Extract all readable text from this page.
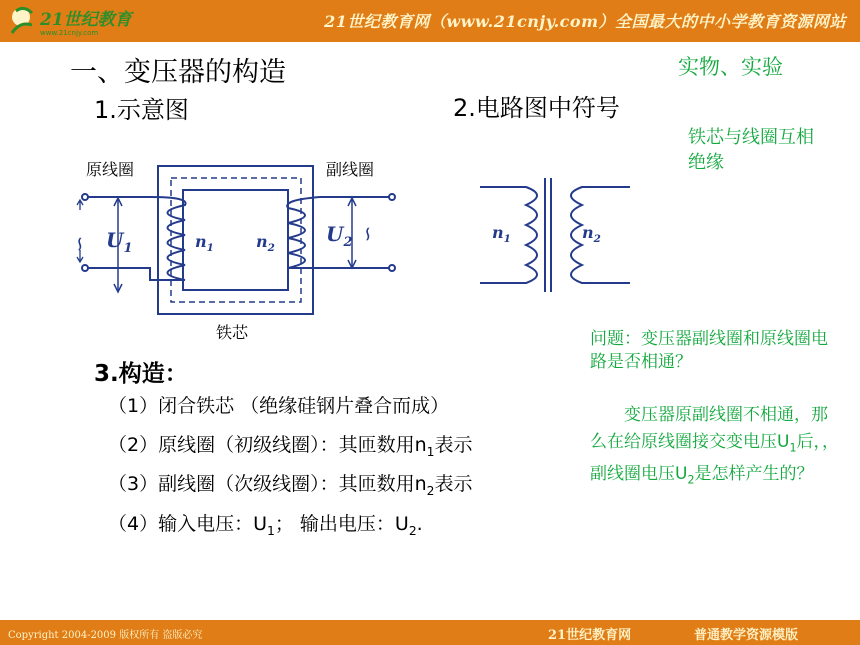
21世纪教育
www.21cnjy.com
21世纪教育网（www.21cnjy.com）全国最大的中小学教育资源网站
一、变压器的构造
1.示意图	2.电路图中符号
实物、实验
铁芯与线圈互相绝缘
原线圈	副线圈
铁芯
$U_1$
$U_2$
$n_1$	$n_2$
∽
∽	$n_1$	$n_2$
3.构造：
（1）闭合铁芯 （绝缘硅钢片叠合而成）
（2）原线圈（初级线圈）：其匝数用$n_1$表示
（3）副线圈（次级线圈）：其匝数用$n_2$表示
（4）输入电压：$U_1$； 输出电压：$U_2$.
问题：变压器副线圈和原线圈电路是否相通？
变压器原副线圈不相通，那么在给原线圈接交变电压$U_1$后，，副线圈电压$U_2$是怎样产生的？
Copyright 2004-2009 版权所有 盗版必究	21世纪教育网	普通教学资源模版
